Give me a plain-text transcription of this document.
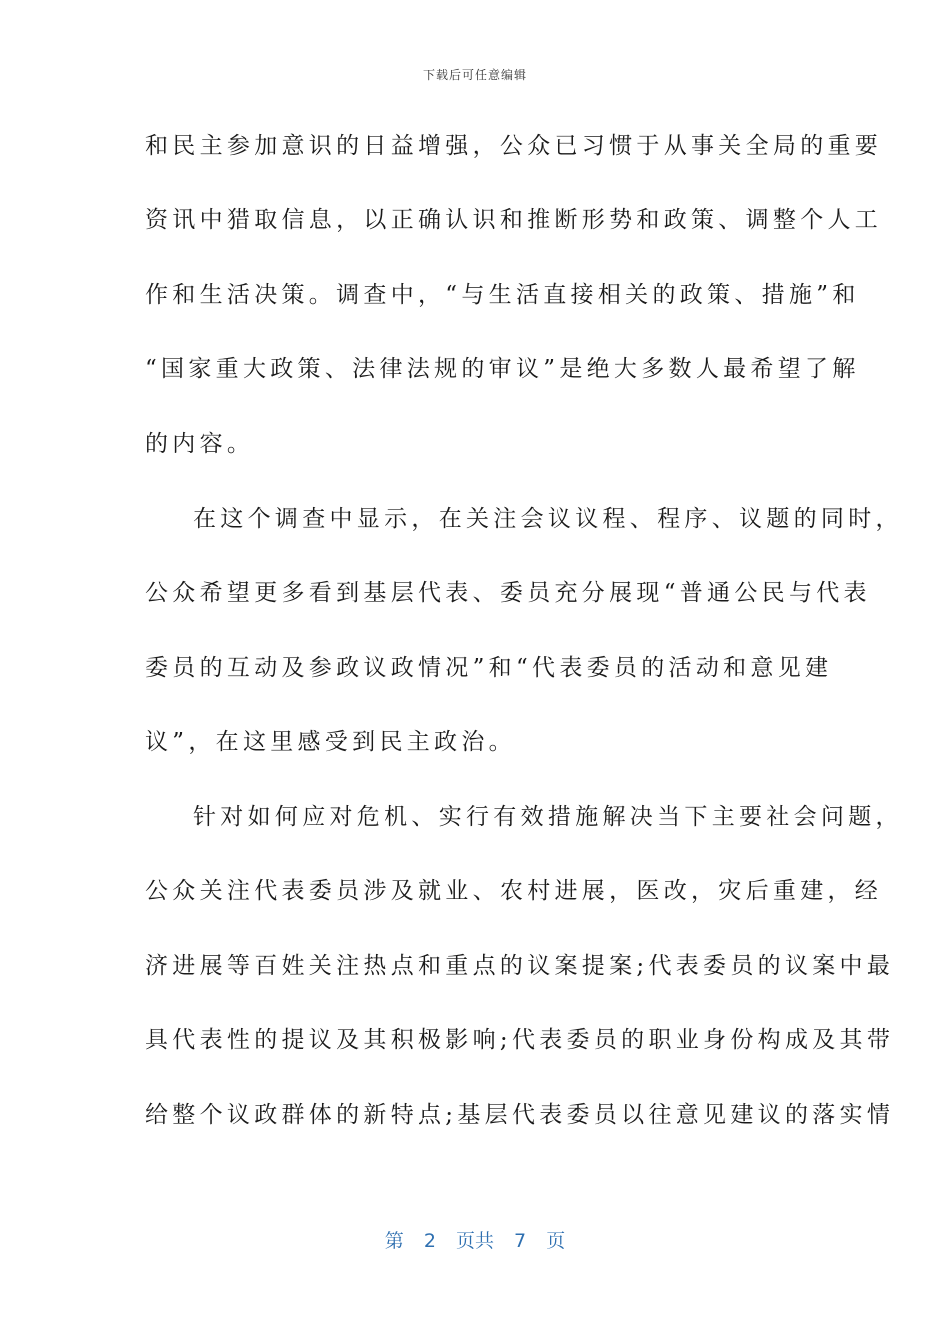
下载后可任意编辑
和民主参加意识的日益增强，公众已习惯于从事关全局的重要
资讯中猎取信息，以正确认识和推断形势和政策、调整个人工
作和生活决策。调查中，“与生活直接相关的政策、措施”和
“国家重大政策、法律法规的审议”是绝大多数人最希望了解
的内容。
在这个调查中显示，在关注会议议程、程序、议题的同时，
公众希望更多看到基层代表、委员充分展现“普通公民与代表
委员的互动及参政议政情况”和“代表委员的活动和意见建
议”，在这里感受到民主政治。
针对如何应对危机、实行有效措施解决当下主要社会问题，
公众关注代表委员涉及就业、农村进展，医改，灾后重建，经
济进展等百姓关注热点和重点的议案提案;代表委员的议案中最
具代表性的提议及其积极影响;代表委员的职业身份构成及其带
给整个议政群体的新特点;基层代表委员以往意见建议的落实情
第 2 页共 7 页
